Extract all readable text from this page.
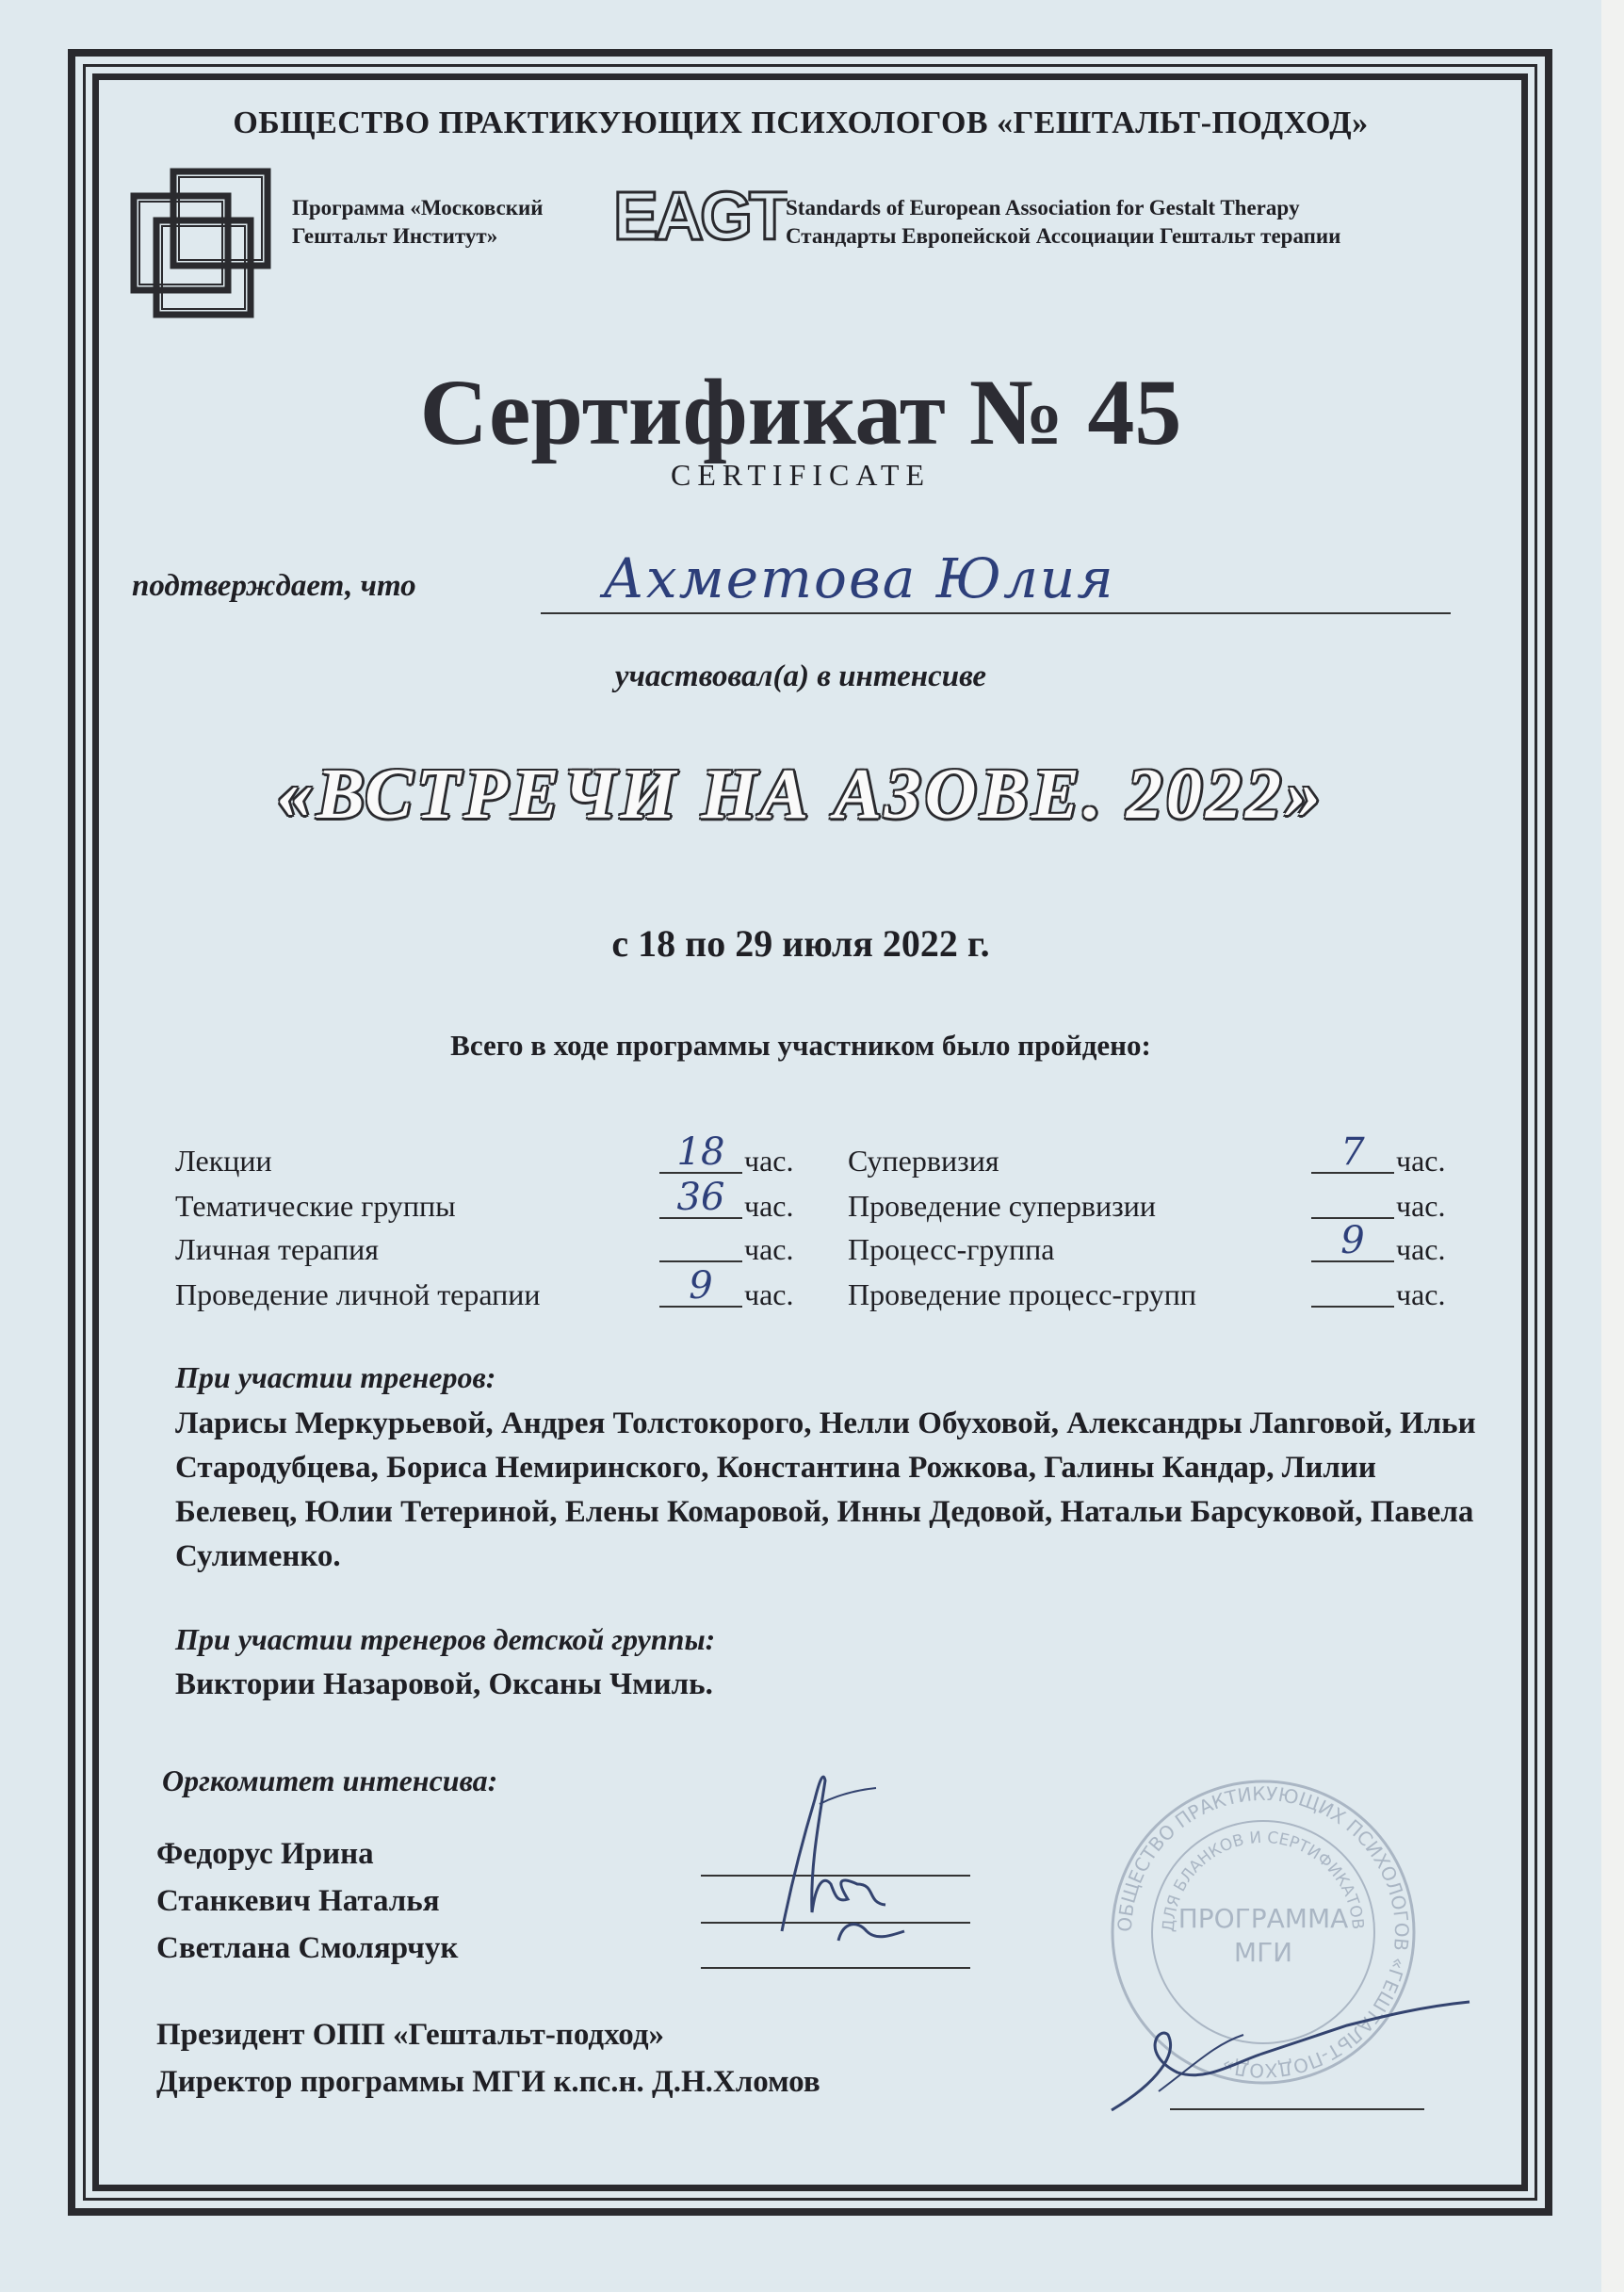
ОБЩЕСТВО ПРАКТИКУЮЩИХ ПСИХОЛОГОВ «ГЕШТАЛЬТ-ПОДХОД»
Программа «Московский
Гештальт Институт»	EAGT
Standards of European Association for Gestalt Therapy
Стандарты Европейской Ассоциации Гештальт терапии
Сертификат № 45
CERTIFICATE
подтверждает, что	Ахметова Юлия
участвовал(а) в интенсиве
«ВСТРЕЧИ НА АЗОВЕ. 2022»
с 18 по 29 июля 2022 г.
Всего в ходе программы участником было пройдено:
Лекции	18 час.
Тематические группы	36 час.
Личная терапия	час.
Проведение личной терапии	9	час.
Супервизия	7	час.
Проведение супервизии	час.
Процесс-группа	9	час.
Проведение процесс-групп	час.
При участии тренеров:
Ларисы Меркурьевой, Андрея Толстокорого, Нелли Обуховой, Александры Лanговой, Ильи Стародубцева, Бориса Немиринского, Константина Рожкова, Галины Кандар, Лилии Белевец, Юлии Тетериной, Елены Комаровой, Инны Дедовой, Натальи Барсуковой, Павела Сулименко.
При участии тренеров детской группы:
Виктории Назаровой, Оксаны Чмиль.
Оргкомитет интенсива:
Федорус Ирина
Станкевич Наталья
Светлана Смолярчук
Президент ОПП «Гештальт-подход»
Директор программы МГИ к.пс.н. Д.Н.Хломов
ОБЩЕСТВО ПРАКТИКУЮЩИХ ПСИХОЛОГОВ «ГЕШТАЛЬТ-ПОДХОД»
ДЛЯ БЛАНКОВ И СЕРТИФИКАТОВ
ПРОГРАММА
МГИ
